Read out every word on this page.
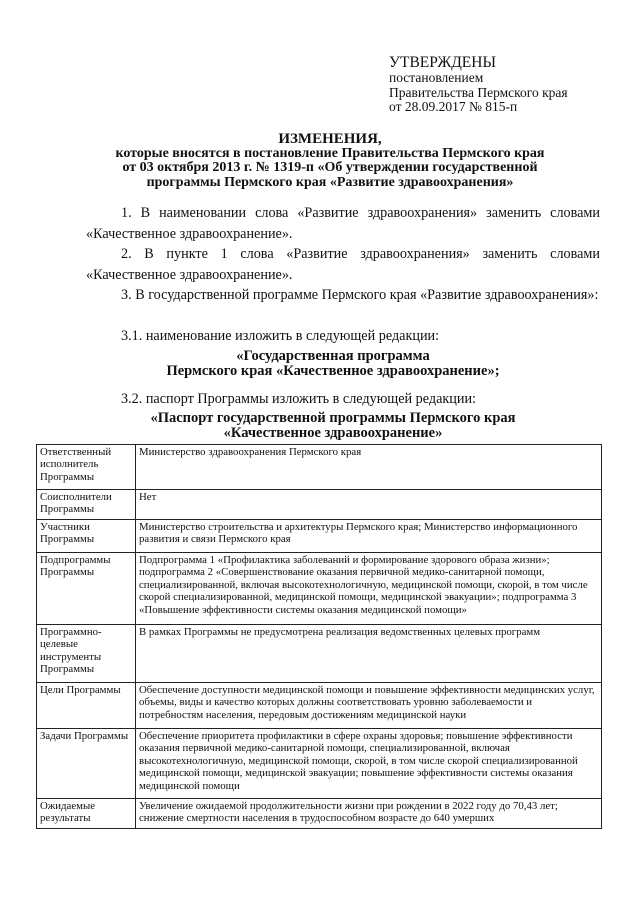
УТВЕРЖДЕНЫ
постановлением
Правительства Пермского края
от 28.09.2017 № 815-п
ИЗМЕНЕНИЯ,
которые вносятся в постановление Правительства Пермского края
от 03 октября 2013 г. № 1319-п «Об утверждении государственной
программы Пермского края «Развитие здравоохранения»
1. В наименовании слова «Развитие здравоохранения» заменить словами «Качественное здравоохранение».
2. В пункте 1 слова «Развитие здравоохранения» заменить словами «Качественное здравоохранение».
3. В государственной программе Пермского края «Развитие здравоохранения»:
3.1. наименование изложить в следующей редакции:
«Государственная программа
Пермского края «Качественное здравоохранение»;
3.2. паспорт Программы изложить в следующей редакции:
«Паспорт государственной программы Пермского края
«Качественное здравоохранение»
Ответственный исполнитель Программы	Министерство здравоохранения Пермского края
Соисполнители Программы	Нет
Участники Программы	Министерство строительства и архитектуры Пермского края; Министерство информационного развития и связи Пермского края
Подпрограммы Программы	Подпрограмма 1 «Профилактика заболеваний и формирование здорового образа жизни»; подпрограмма 2 «Совершенствование оказания первичной медико-санитарной помощи, специализированной, включая высокотехнологичную, медицинской помощи, скорой, в том числе скорой специализированной, медицинской помощи, медицинской эвакуации»; подпрограмма 3 «Повышение эффективности системы оказания медицинской помощи»
Программно-целевые инструменты Программы	В рамках Программы не предусмотрена реализация ведомственных целевых программ
Цели Программы	Обеспечение доступности медицинской помощи и повышение эффективности медицинских услуг, объемы, виды и качество которых должны соответствовать уровню заболеваемости и потребностям населения, передовым достижениям медицинской науки
Задачи Программы	Обеспечение приоритета профилактики в сфере охраны здоровья; повышение эффективности оказания первичной медико-санитарной помощи, специализированной, включая высокотехнологичную, медицинской помощи, скорой, в том числе скорой специализированной медицинской помощи, медицинской эвакуации; повышение эффективности системы оказания медицинской помощи
Ожидаемые результаты	Увеличение ожидаемой продолжительности жизни при рождении в 2022 году до 70,43 лет; снижение смертности населения в трудоспособном возрасте до 640 умерших
